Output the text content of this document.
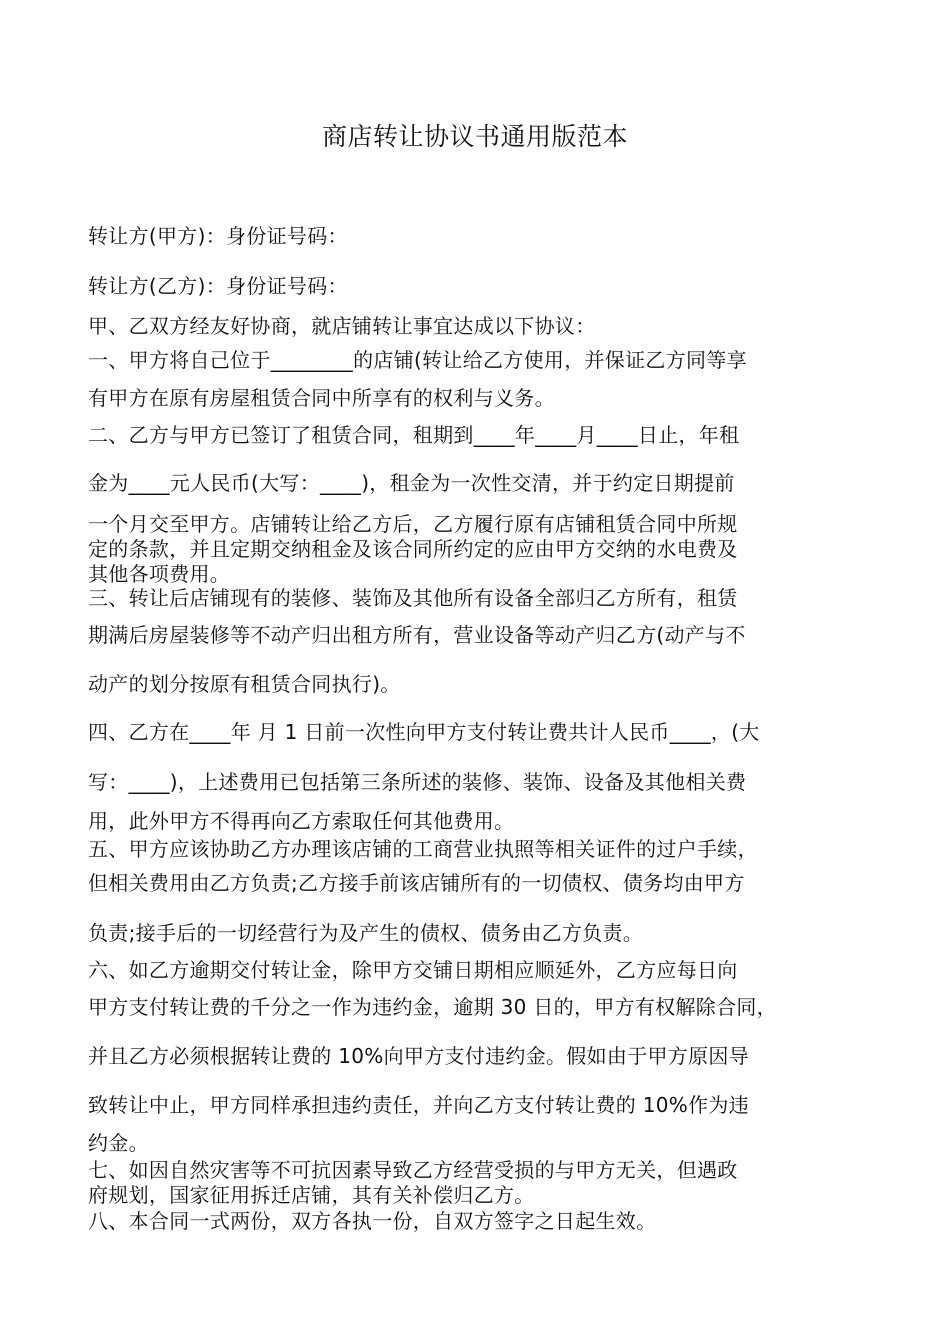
商店转让协议书通用版范本
转让方(甲方)：身份证号码：
转让方(乙方)：身份证号码：
甲、乙双方经友好协商，就店铺转让事宜达成以下协议：
一、甲方将自己位于________的店铺(转让给乙方使用，并保证乙方同等享
有甲方在原有房屋租赁合同中所享有的权利与义务。
二、乙方与甲方已签订了租赁合同，租期到____年____月____日止，年租
金为____元人民币(大写：____)，租金为一次性交清，并于约定日期提前
一个月交至甲方。店铺转让给乙方后，乙方履行原有店铺租赁合同中所规
定的条款，并且定期交纳租金及该合同所约定的应由甲方交纳的水电费及
其他各项费用。
三、转让后店铺现有的装修、装饰及其他所有设备全部归乙方所有，租赁
期满后房屋装修等不动产归出租方所有，营业设备等动产归乙方(动产与不
动产的划分按原有租赁合同执行)。
四、乙方在____年 月 1 日前一次性向甲方支付转让费共计人民币____，(大
写：____)，上述费用已包括第三条所述的装修、装饰、设备及其他相关费
用，此外甲方不得再向乙方索取任何其他费用。
五、甲方应该协助乙方办理该店铺的工商营业执照等相关证件的过户手续，
但相关费用由乙方负责;乙方接手前该店铺所有的一切债权、债务均由甲方
负责;接手后的一切经营行为及产生的债权、债务由乙方负责。
六、如乙方逾期交付转让金，除甲方交铺日期相应顺延外，乙方应每日向
甲方支付转让费的千分之一作为违约金，逾期 30 日的，甲方有权解除合同，
并且乙方必须根据转让费的 10%向甲方支付违约金。假如由于甲方原因导
致转让中止，甲方同样承担违约责任，并向乙方支付转让费的 10%作为违
约金。
七、如因自然灾害等不可抗因素导致乙方经营受损的与甲方无关，但遇政
府规划，国家征用拆迁店铺，其有关补偿归乙方。
八、本合同一式两份，双方各执一份，自双方签字之日起生效。
